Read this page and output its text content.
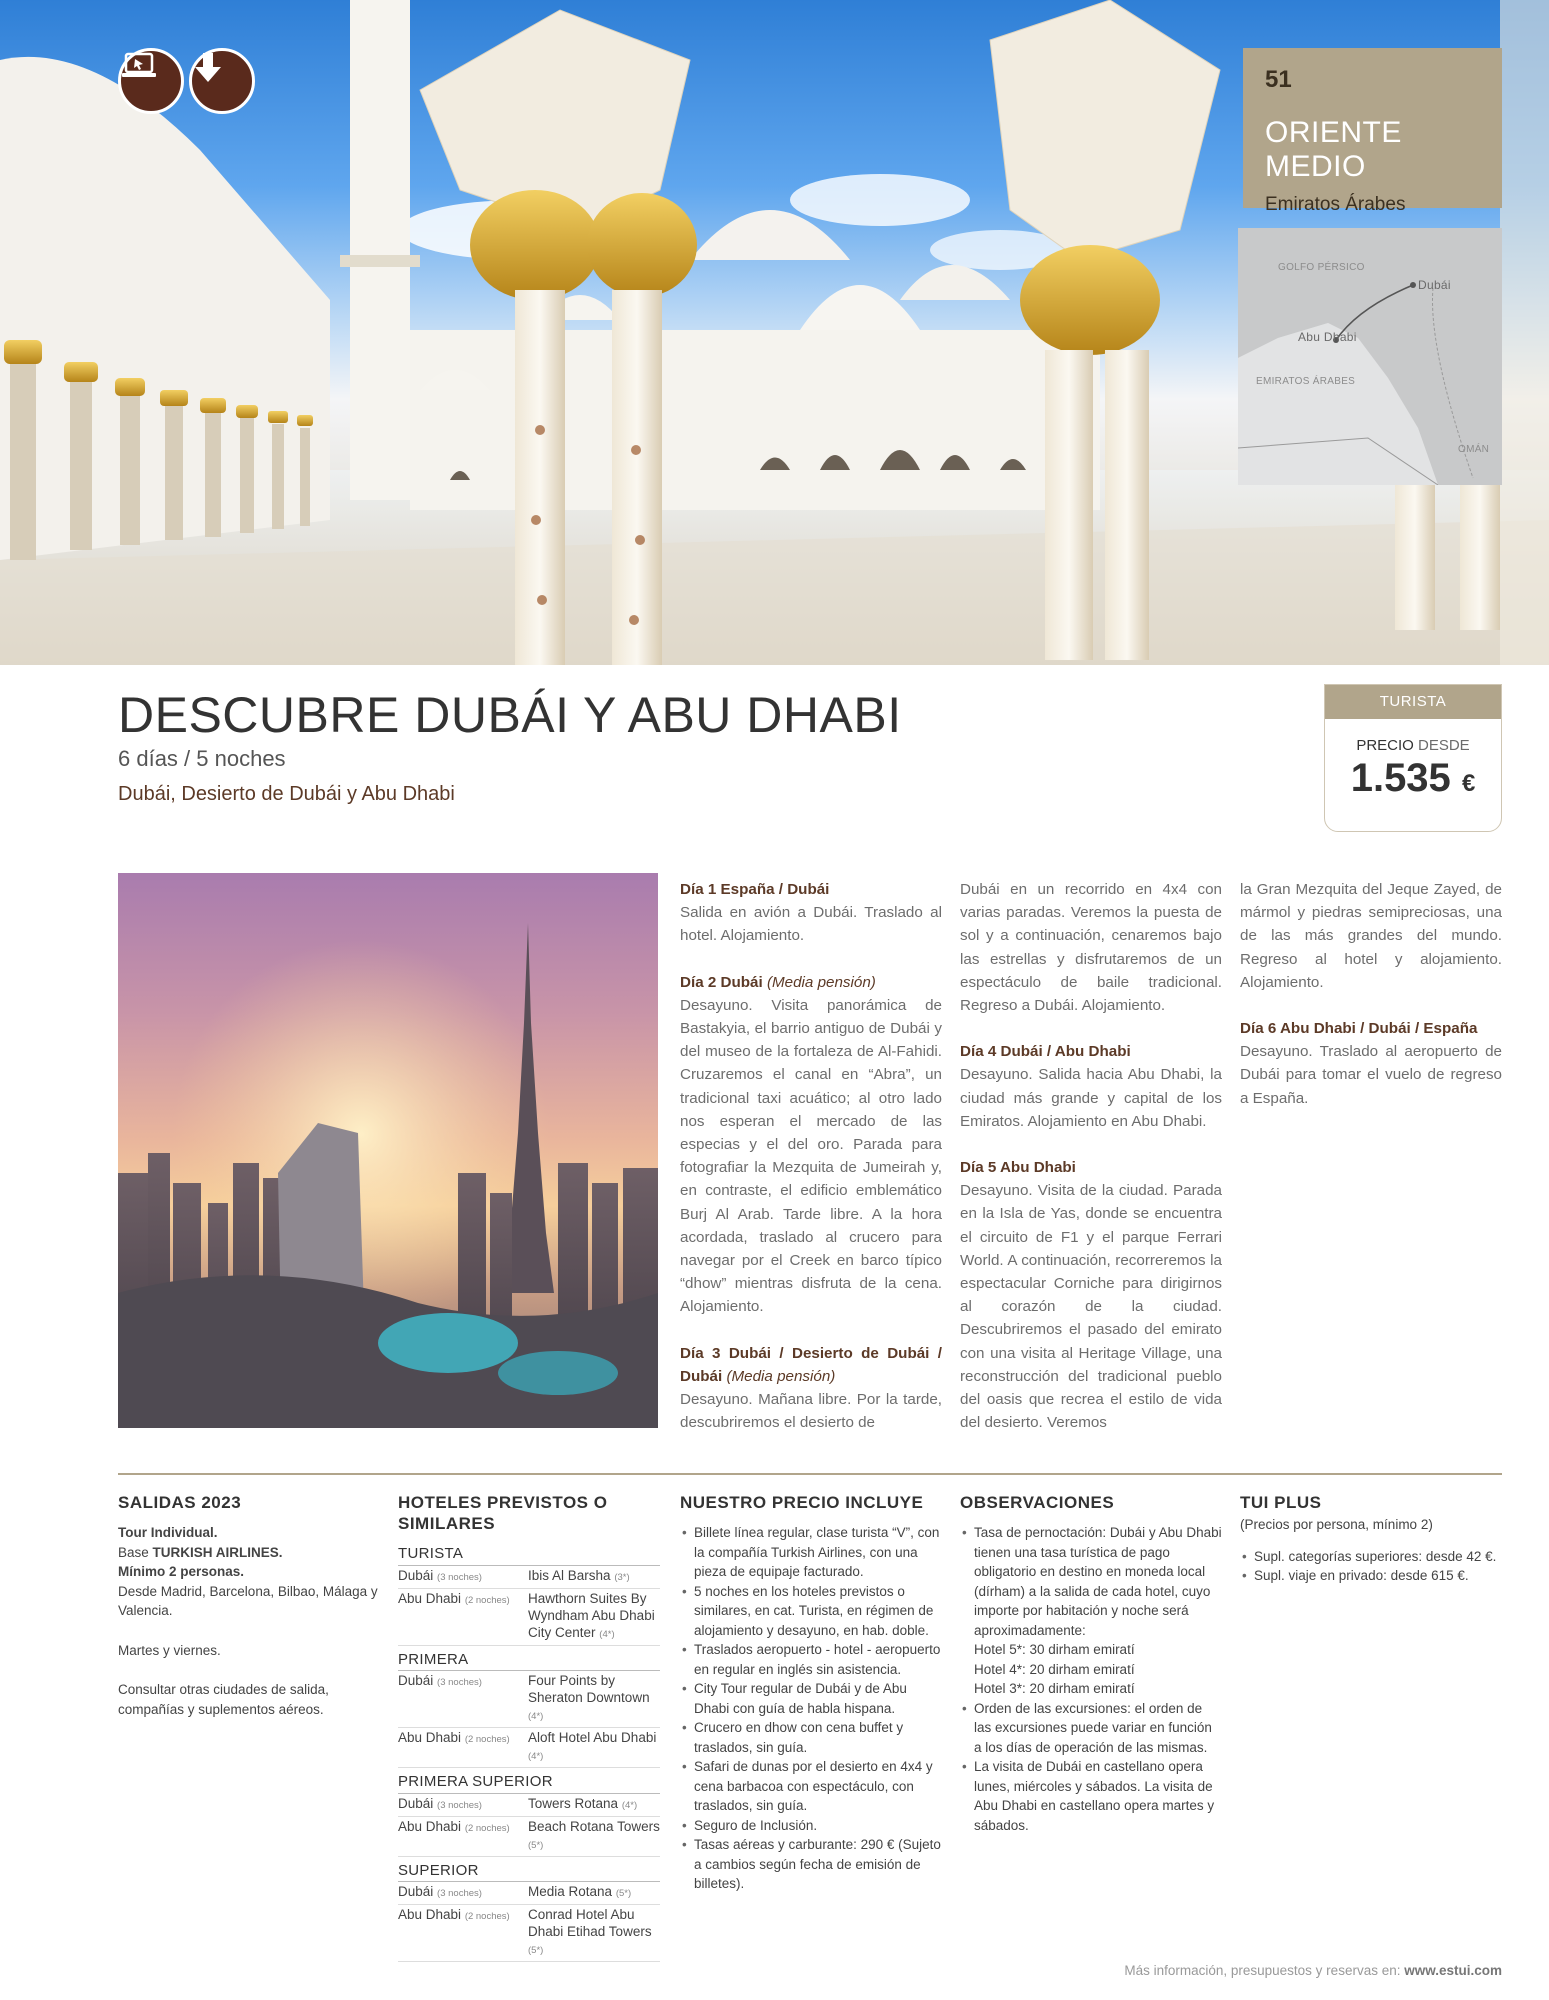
51
ORIENTE MEDIO
Emiratos Árabes
GOLFO PÉRSICO
Dubái
Abu Dhabi
EMIRATOS ÁRABES
OMÁN
DESCUBRE DUBÁI Y ABU DHABI
6 días / 5 noches
Dubái, Desierto de Dubái y Abu Dhabi
TURISTA
PRECIO DESDE
1.535 €

Día 1 España / Dubái
Salida en avión a Dubái. Traslado al hotel. Alojamiento.

Día 2 Dubái (Media pensión)
Desayuno. Visita panorámica de Bastakyia, el barrio antiguo de Dubái y del museo de la fortaleza de Al-Fahidi. Cruzaremos el canal en “Abra”, un tradicional taxi acuático; al otro lado nos esperan el mercado de las especias y el del oro. Parada para fotografiar la Mezquita de Jumeirah y, en contraste, el edificio emblemático Burj Al Arab. Tarde libre. A la hora acordada, traslado al crucero para navegar por el Creek en barco típico “dhow” mientras disfruta de la cena. Alojamiento.

Día 3 Dubái / Desierto de Dubái / Dubái (Media pensión)
Desayuno. Mañana libre. Por la tarde, descubriremos el desierto de

Dubái en un recorrido en 4x4 con varias paradas. Veremos la puesta de sol y a continuación, cenaremos bajo las estrellas y disfrutaremos de un espectáculo de baile tradicional. Regreso a Dubái. Alojamiento.

Día 4 Dubái / Abu Dhabi
Desayuno. Salida hacia Abu Dhabi, la ciudad más grande y capital de los Emiratos. Alojamiento en Abu Dhabi.

Día 5 Abu Dhabi
Desayuno. Visita de la ciudad. Parada en la Isla de Yas, donde se encuentra el circuito de F1 y el parque Ferrari World. A continuación, recorreremos la espectacular Corniche para dirigirnos al corazón de la ciudad. Descubriremos el pasado del emirato con una visita al Heritage Village, una reconstrucción del tradicional pueblo del oasis que recrea el estilo de vida del desierto. Veremos

la Gran Mezquita del Jeque Zayed, de mármol y piedras semipreciosas, una de las más grandes del mundo. Regreso al hotel y alojamiento. Alojamiento.

Día 6 Abu Dhabi / Dubái / España
Desayuno. Traslado al aeropuerto de Dubái para tomar el vuelo de regreso a España.

SALIDAS 2023
Tour Individual.
Base TURKISH AIRLINES.
Mínimo 2 personas.
Desde Madrid, Barcelona, Bilbao, Málaga y Valencia.
Martes y viernes.
Consultar otras ciudades de salida, compañías y suplementos aéreos.
HOTELES PREVISTOS O SIMILARES
TURISTA
Dubái (3 noches)	Ibis Al Barsha (3*)
Abu Dhabi (2 noches)	Hawthorn Suites By Wyndham Abu Dhabi City Center (4*)
PRIMERA
Dubái (3 noches)	Four Points by Sheraton Downtown (4*)
Abu Dhabi (2 noches)	Aloft Hotel Abu Dhabi (4*)
PRIMERA SUPERIOR
Dubái (3 noches)	Towers Rotana (4*)
Abu Dhabi (2 noches)	Beach Rotana Towers (5*)
SUPERIOR
Dubái (3 noches)	Media Rotana (5*)
Abu Dhabi (2 noches)	Conrad Hotel Abu Dhabi Etihad Towers (5*)
NUESTRO PRECIO INCLUYE
• Billete línea regular, clase turista “V”, con la compañía Turkish Airlines, con una pieza de equipaje facturado.
• 5 noches en los hoteles previstos o similares, en cat. Turista, en régimen de alojamiento y desayuno, en hab. doble.
• Traslados aeropuerto - hotel - aeropuerto en regular en inglés sin asistencia.
• City Tour regular de Dubái y de Abu Dhabi con guía de habla hispana.
• Crucero en dhow con cena buffet y traslados, sin guía.
• Safari de dunas por el desierto en 4x4 y cena barbacoa con espectáculo, con traslados, sin guía.
• Seguro de Inclusión.
• Tasas aéreas y carburante: 290 € (Sujeto a cambios según fecha de emisión de billetes).
OBSERVACIONES
• Tasa de pernoctación: Dubái y Abu Dhabi tienen una tasa turística de pago obligatorio en destino en moneda local (dírham) a la salida de cada hotel, cuyo importe por habitación y noche será aproximadamente:
Hotel 5*: 30 dirham emiratí
Hotel 4*: 20 dirham emiratí
Hotel 3*: 20 dirham emiratí
• Orden de las excursiones: el orden de las excursiones puede variar en función a los días de operación de las mismas.
• La visita de Dubái en castellano opera lunes, miércoles y sábados. La visita de Abu Dhabi en castellano opera martes y sábados.
TUI PLUS
(Precios por persona, mínimo 2)
• Supl. categorías superiores: desde 42 €.
• Supl. viaje en privado: desde 615 €.
Más información, presupuestos y reservas en: www.estui.com
